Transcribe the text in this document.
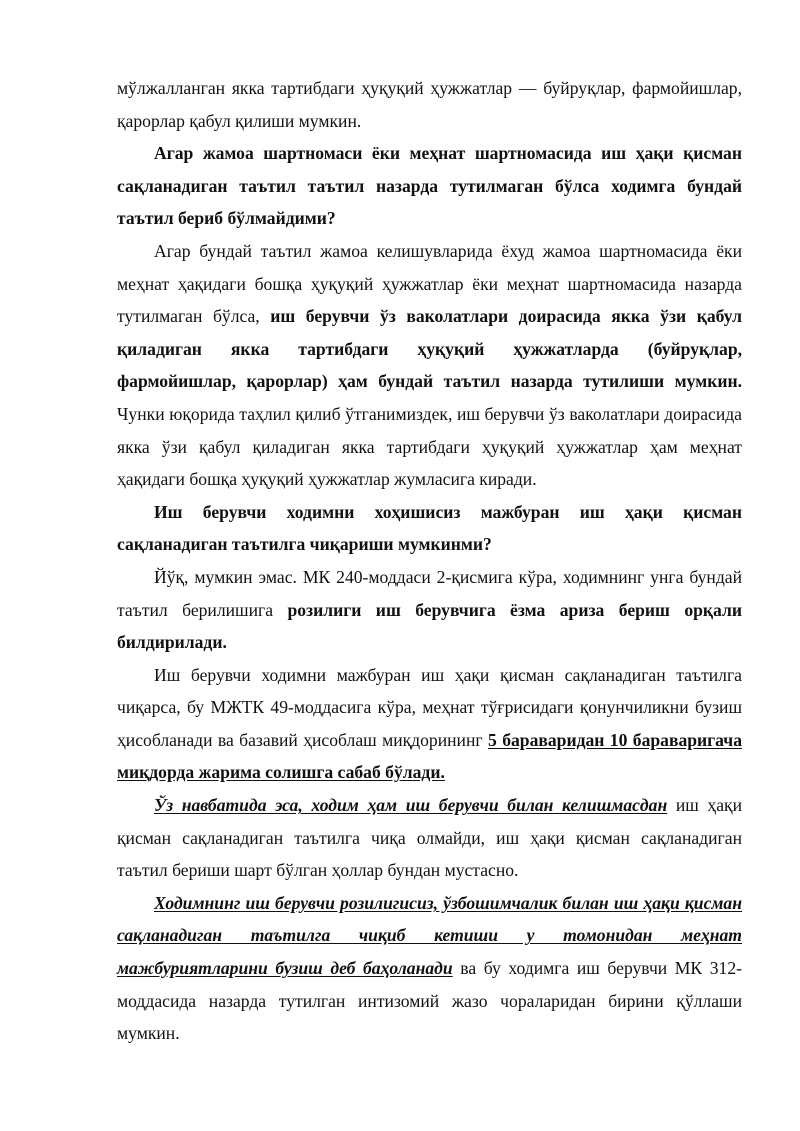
мўлжалланган якка тартибдаги ҳуқуқий ҳужжатлар — буйруқлар, фармойишлар, қарорлар қабул қилиши мумкин.

Агар жамоа шартномаси ёки меҳнат шартномасида иш ҳақи қисман сақланадиган таътил таътил назарда тутилмаган бўлса ходимга бундай таътил бериб бўлмайдими?

Агар бундай таътил жамоа келишувларида ёхуд жамоа шартномасида ёки меҳнат ҳақидаги бошқа ҳуқуқий ҳужжатлар ёки меҳнат шартномасида назарда тутилмаган бўлса, иш берувчи ўз ваколатлари доирасида якка ўзи қабул қиладиган якка тартибдаги ҳуқуқий ҳужжатларда (буйруқлар, фармойишлар, қарорлар) ҳам бундай таътил назарда тутилиши мумкин. Чунки юқорида таҳлил қилиб ўтганимиздек, иш берувчи ўз ваколатлари доирасида якка ўзи қабул қиладиган якка тартибдаги ҳуқуқий ҳужжатлар ҳам меҳнат ҳақидаги бошқа ҳуқуқий ҳужжатлар жумласига киради.

Иш берувчи ходимни хоҳишисиз мажбуран иш ҳақи қисман сақланадиган таътилга чиқариши мумкинми?

Йўқ, мумкин эмас. МК 240-моддаси 2-қисмига кўра, ходимнинг унга бундай таътил берилишига розилиги иш берувчига ёзма ариза бериш орқали билдирилади.

Иш берувчи ходимни мажбуран иш ҳақи қисман сақланадиган таътилга чиқарса, бу МЖТК 49-моддасига кўра, меҳнат тўғрисидаги қонунчиликни бузиш ҳисобланади ва базавий ҳисоблаш миқдорининг 5 баравaридан 10 бараваригача миқдорда жарима солишга сабаб бўлади.

Ўз навбатида эса, ходим ҳам иш берувчи билан келишмасдан иш ҳақи қисман сақланадиган таътилга чиқа олмайди, иш ҳақи қисман сақланадиган таътил бериши шарт бўлган ҳоллар бундан мустасно.

Ходимнинг иш берувчи розилигисиз, ўзбошимчалик билан иш ҳақи қисман сақланадиган таътилга чиқиб кетиши у томонидан меҳнат мажбуриятларини бузиш деб баҳоланади ва бу ходимга иш берувчи МК 312-моддасида назарда тутилган интизомий жазо чораларидан бирини қўллаши мумкин.
